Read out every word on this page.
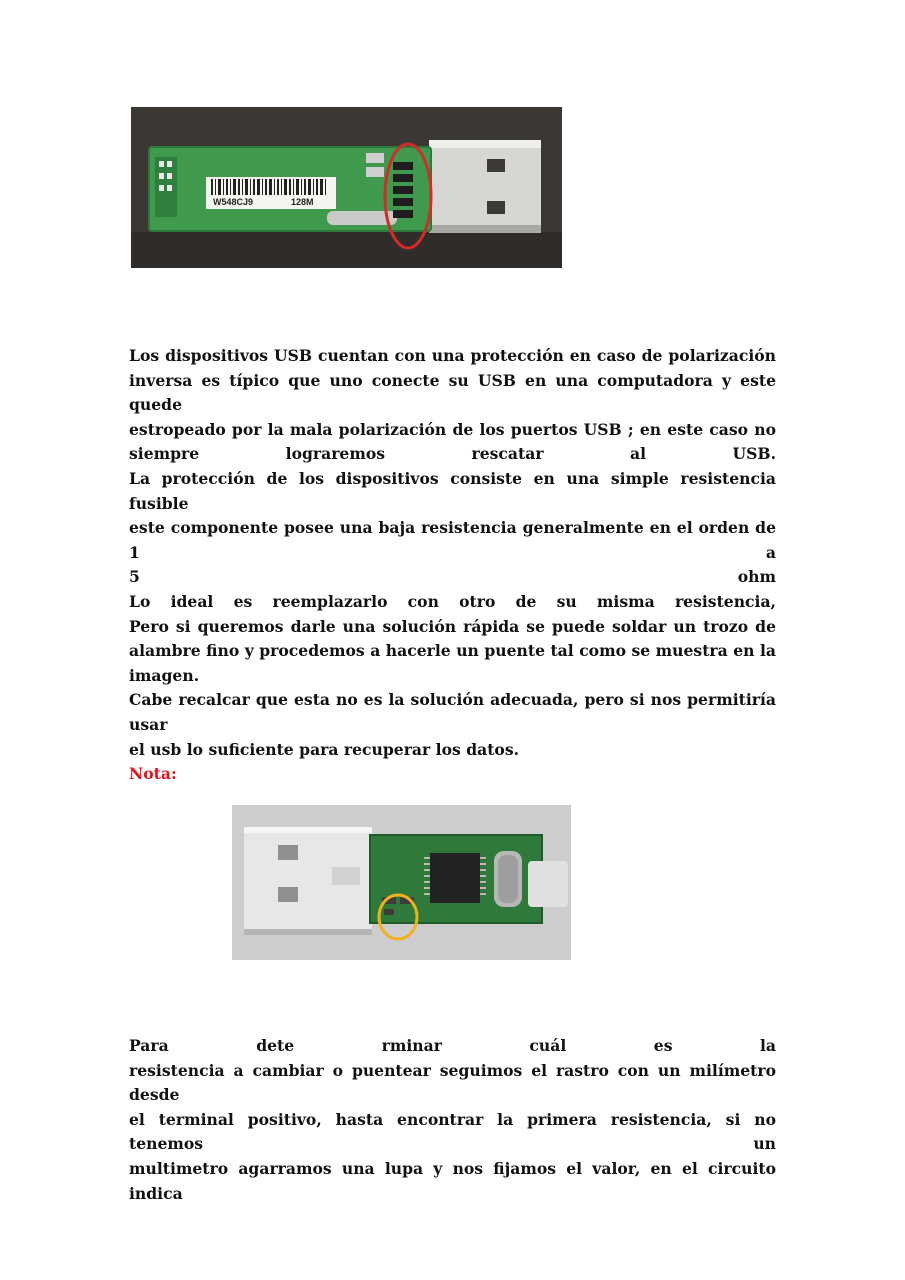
W548CJ9	128M
Los dispositivos USB cuentan con una protección en caso de polarización
inversa es típico que uno conecte su USB en una computadora y este quede
estropeado por la mala polarización de los puertos USB ; en este caso no
siempre lograremos rescatar al USB.
La protección de los dispositivos consiste en una simple resistencia fusible
este componente posee una baja resistencia generalmente en el orden de 1 a
5 ohm
Lo ideal es reemplazarlo con otro de su misma resistencia,
Pero si queremos darle una solución rápida se puede soldar un trozo de
alambre fino y procedemos a hacerle un puente tal como se muestra en la
imagen.
Cabe recalcar que esta no es la solución adecuada, pero si nos permitiría usar
el usb lo suficiente para recuperar los datos.
Nota:
Para dete rminar cuál es la
resistencia a cambiar o puentear seguimos el rastro con un milímetro desde
el terminal positivo, hasta encontrar la primera resistencia, si no tenemos un
multimetro agarramos una lupa y nos fijamos el valor, en el circuito indica
